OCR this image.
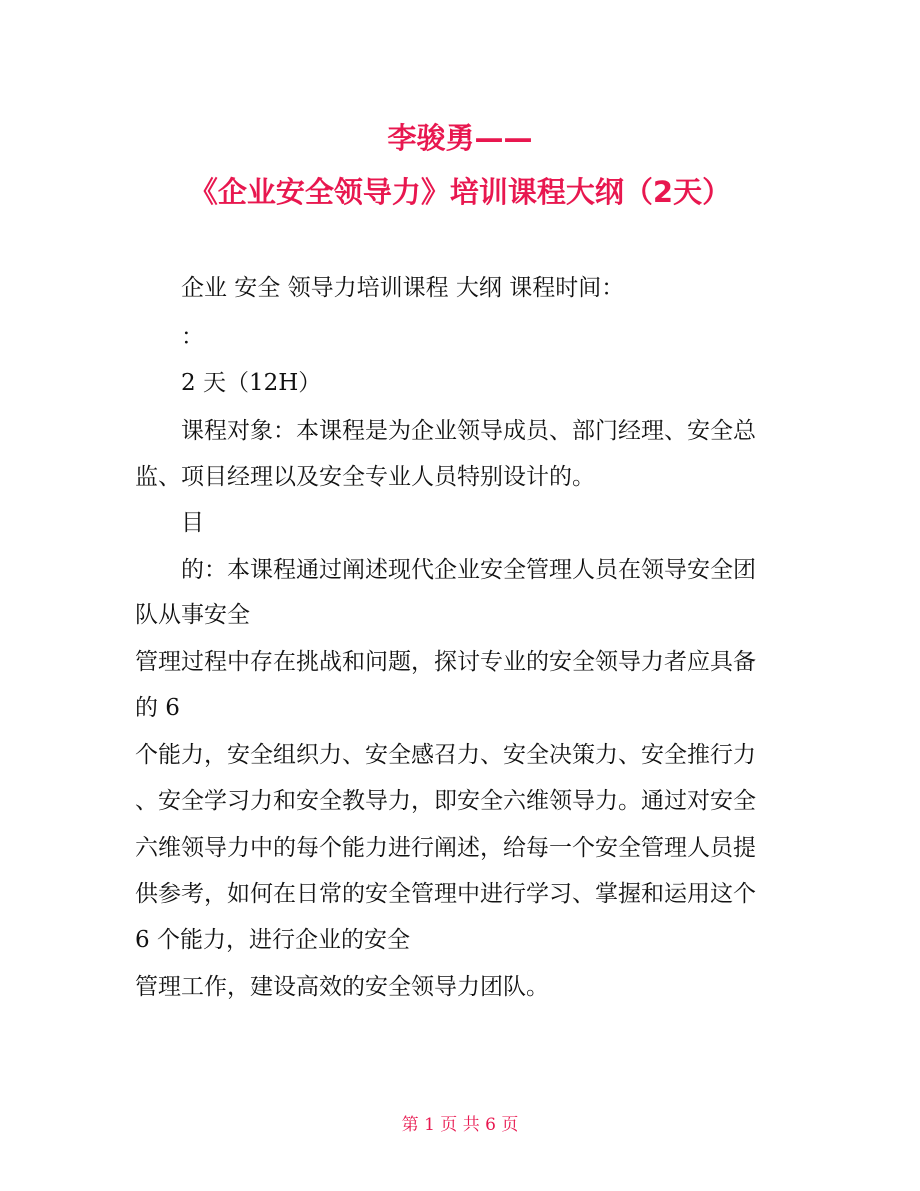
李骏勇——
《企业安全领导力》培训课程大纲（2天）
企业 安全 领导力培训课程 大纲 课程时间：
：
2 天（12H）
课程对象：本课程是为企业领导成员、部门经理、安全总
监、项目经理以及安全专业人员特别设计的。
目
的：本课程通过阐述现代企业安全管理人员在领导安全团
队从事安全
管理过程中存在挑战和问题，探讨专业的安全领导力者应具备
的 6
个能力，安全组织力、安全感召力、安全决策力、安全推行力
、安全学习力和安全教导力，即安全六维领导力。通过对安全
六维领导力中的每个能力进行阐述，给每一个安全管理人员提
供参考，如何在日常的安全管理中进行学习、掌握和运用这个
6 个能力，进行企业的安全
管理工作，建设高效的安全领导力团队。
第 1 页 共 6 页
